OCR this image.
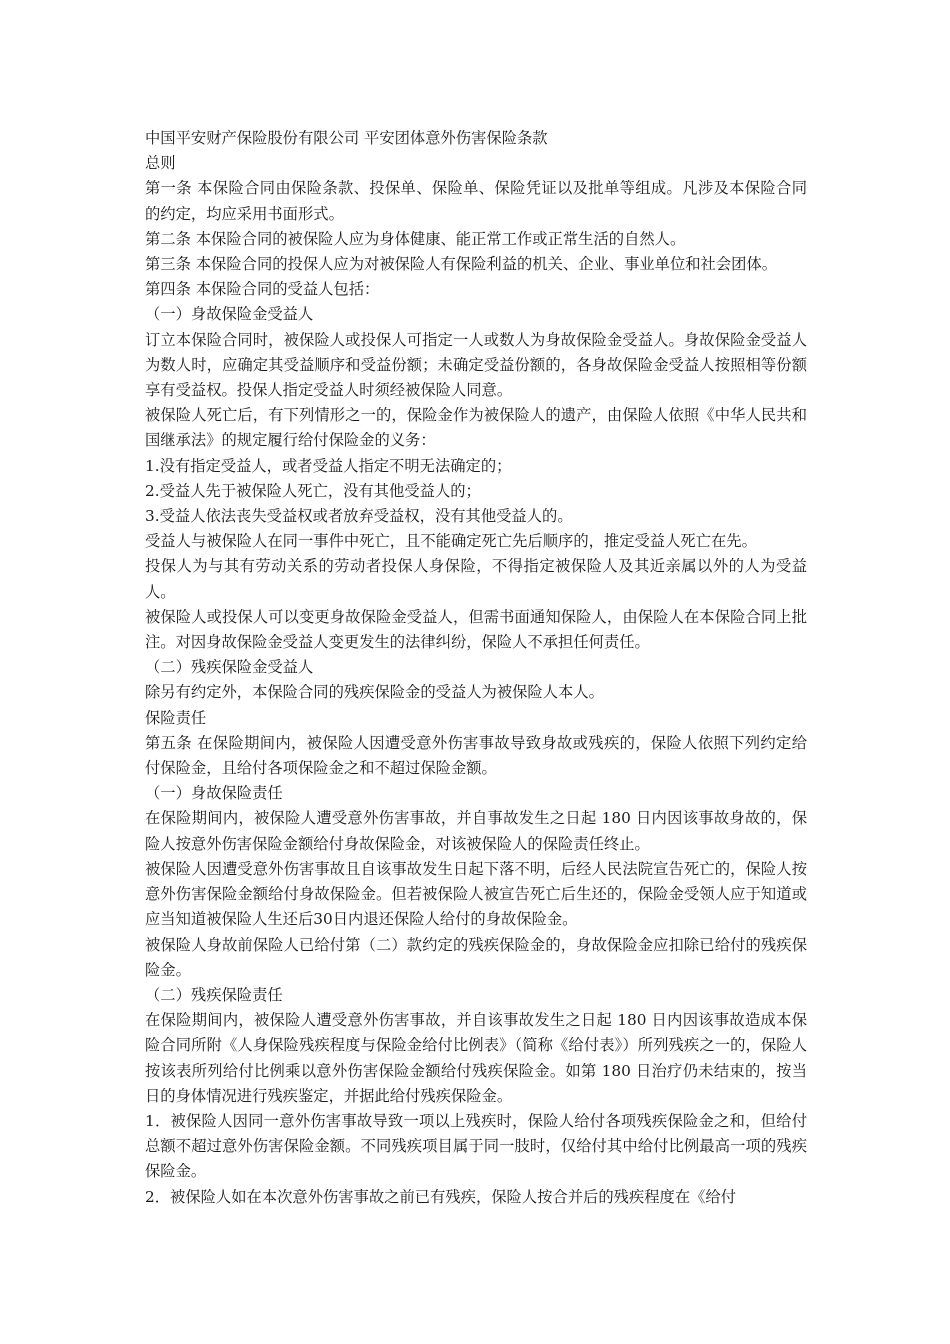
中国平安财产保险股份有限公司 平安团体意外伤害保险条款

总则

第一条 本保险合同由保险条款、投保单、保险单、保险凭证以及批单等组成。凡涉及本保险合同的约定，均应采用书面形式。

第二条 本保险合同的被保险人应为身体健康、能正常工作或正常生活的自然人。

第三条 本保险合同的投保人应为对被保险人有保险利益的机关、企业、事业单位和社会团体。

第四条 本保险合同的受益人包括：

（一）身故保险金受益人

订立本保险合同时，被保险人或投保人可指定一人或数人为身故保险金受益人。身故保险金受益人为数人时，应确定其受益顺序和受益份额；未确定受益份额的，各身故保险金受益人按照相等份额享有受益权。投保人指定受益人时须经被保险人同意。

被保险人死亡后，有下列情形之一的，保险金作为被保险人的遗产，由保险人依照《中华人民共和国继承法》的规定履行给付保险金的义务：

1.没有指定受益人，或者受益人指定不明无法确定的；

2.受益人先于被保险人死亡，没有其他受益人的；

3.受益人依法丧失受益权或者放弃受益权，没有其他受益人的。

受益人与被保险人在同一事件中死亡，且不能确定死亡先后顺序的，推定受益人死亡在先。

投保人为与其有劳动关系的劳动者投保人身保险，不得指定被保险人及其近亲属以外的人为受益人。

被保险人或投保人可以变更身故保险金受益人，但需书面通知保险人，由保险人在本保险合同上批注。对因身故保险金受益人变更发生的法律纠纷，保险人不承担任何责任。

（二）残疾保险金受益人

除另有约定外，本保险合同的残疾保险金的受益人为被保险人本人。

保险责任

第五条 在保险期间内，被保险人因遭受意外伤害事故导致身故或残疾的，保险人依照下列约定给付保险金，且给付各项保险金之和不超过保险金额。

（一）身故保险责任

在保险期间内，被保险人遭受意外伤害事故，并自事故发生之日起 180 日内因该事故身故的，保险人按意外伤害保险金额给付身故保险金，对该被保险人的保险责任终止。

被保险人因遭受意外伤害事故且自该事故发生日起下落不明，后经人民法院宣告死亡的，保险人按意外伤害保险金额给付身故保险金。但若被保险人被宣告死亡后生还的，保险金受领人应于知道或应当知道被保险人生还后30日内退还保险人给付的身故保险金。

被保险人身故前保险人已给付第（二）款约定的残疾保险金的，身故保险金应扣除已给付的残疾保险金。

（二）残疾保险责任

在保险期间内，被保险人遭受意外伤害事故，并自该事故发生之日起 180 日内因该事故造成本保险合同所附《人身保险残疾程度与保险金给付比例表》（简称《给付表》）所列残疾之一的，保险人按该表所列给付比例乘以意外伤害保险金额给付残疾保险金。如第 180 日治疗仍未结束的，按当日的身体情况进行残疾鉴定，并据此给付残疾保险金。

1．被保险人因同一意外伤害事故导致一项以上残疾时，保险人给付各项残疾保险金之和，但给付总额不超过意外伤害保险金额。不同残疾项目属于同一肢时，仅给付其中给付比例最高一项的残疾保险金。

2．被保险人如在本次意外伤害事故之前已有残疾，保险人按合并后的残疾程度在《给付
